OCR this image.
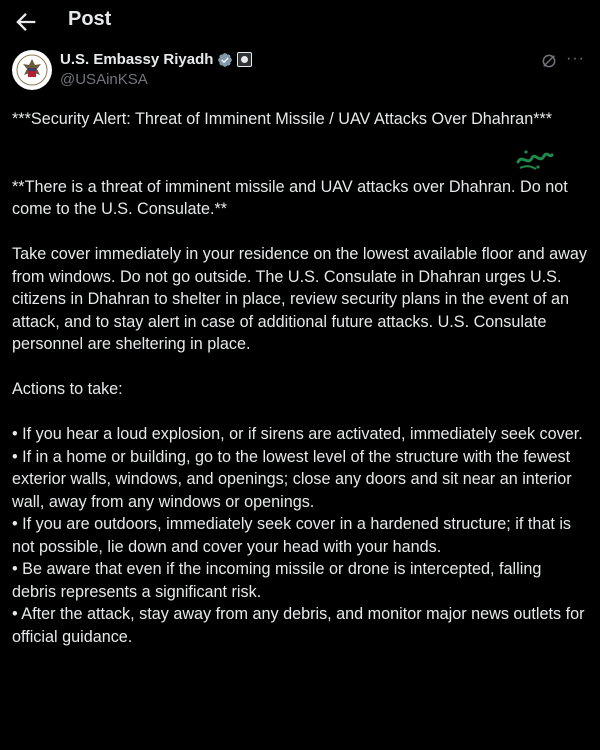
Post
U.S. Embassy Riyadh
@USAinKSA
···

***Security Alert: Threat of Imminent Missile / UAV Attacks Over Dhahran***

**There is a threat of imminent missile and UAV attacks over Dhahran. Do not come to the U.S. Consulate.**

Take cover immediately in your residence on the lowest available floor and away from windows. Do not go outside. The U.S. Consulate in Dhahran urges U.S. citizens in Dhahran to shelter in place, review security plans in the event of an attack, and to stay alert in case of additional future attacks. U.S. Consulate personnel are sheltering in place.

Actions to take:

• If you hear a loud explosion, or if sirens are activated, immediately seek cover.

• If in a home or building, go to the lowest level of the structure with the fewest exterior walls, windows, and openings; close any doors and sit near an interior wall, away from any windows or openings.

• If you are outdoors, immediately seek cover in a hardened structure; if that is not possible, lie down and cover your head with your hands.

• Be aware that even if the incoming missile or drone is intercepted, falling debris represents a significant risk.

• After the attack, stay away from any debris, and monitor major news outlets for official guidance.
